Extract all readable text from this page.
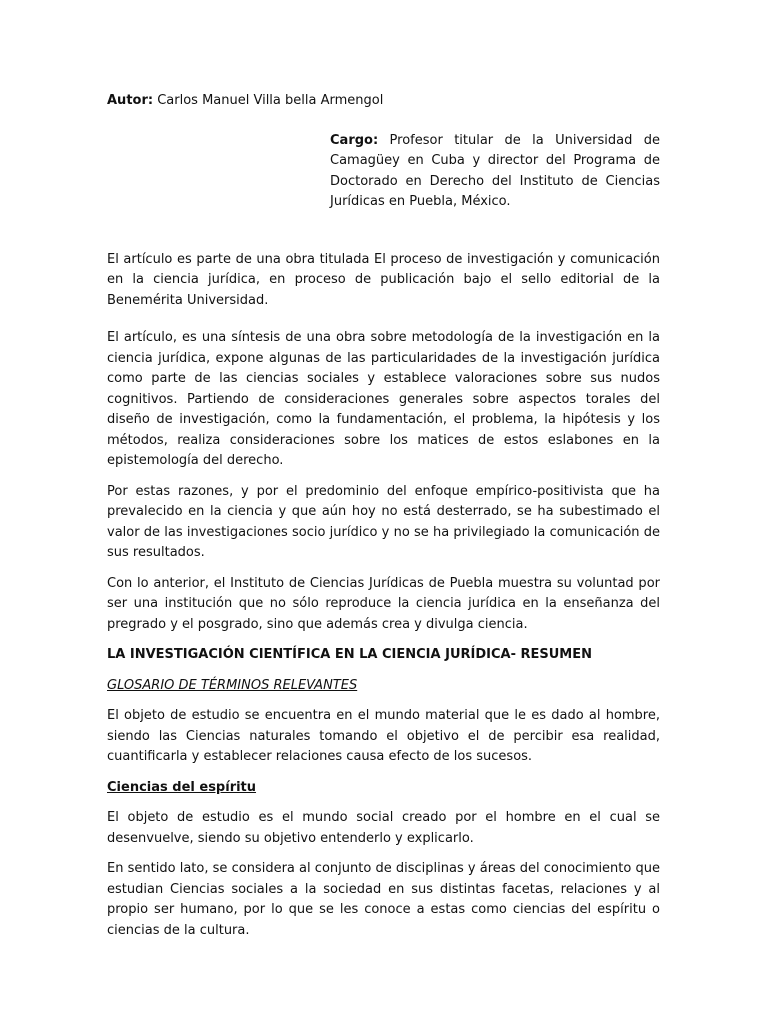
Autor: Carlos Manuel Villa bella Armengol

Cargo: Profesor titular de la Universidad de Camagüey en Cuba y director del Programa de Doctorado en Derecho del Instituto de Ciencias Jurídicas en Puebla, México.

El artículo es parte de una obra titulada El proceso de investigación y comunicación en la ciencia jurídica, en proceso de publicación bajo el sello editorial de la Benemérita Universidad.

El artículo, es una síntesis de una obra sobre metodología de la investigación en la ciencia jurídica, expone algunas de las particularidades de la investigación jurídica como parte de las ciencias sociales y establece valoraciones sobre sus nudos cognitivos. Partiendo de consideraciones generales sobre aspectos torales del diseño de investigación, como la fundamentación, el problema, la hipótesis y los métodos, realiza consideraciones sobre los matices de estos eslabones en la epistemología del derecho.

Por estas razones, y por el predominio del enfoque empírico-positivista que ha prevalecido en la ciencia y que aún hoy no está desterrado, se ha subestimado el valor de las investigaciones socio jurídico y no se ha privilegiado la comunicación de sus resultados.

Con lo anterior, el Instituto de Ciencias Jurídicas de Puebla muestra su voluntad por ser una institución que no sólo reproduce la ciencia jurídica en la enseñanza del pregrado y el posgrado, sino que además crea y divulga ciencia.

LA INVESTIGACIÓN CIENTÍFICA EN LA CIENCIA JURÍDICA- RESUMEN

GLOSARIO DE TÉRMINOS RELEVANTES

El objeto de estudio se encuentra en el mundo material que le es dado al hombre, siendo las Ciencias naturales tomando el objetivo el de percibir esa realidad, cuantificarla y establecer relaciones causa efecto de los sucesos.

Ciencias del espíritu

El objeto de estudio es el mundo social creado por el hombre en el cual se desenvuelve, siendo su objetivo entenderlo y explicarlo.

En sentido lato, se considera al conjunto de disciplinas y áreas del conocimiento que estudian Ciencias sociales a la sociedad en sus distintas facetas, relaciones y al propio ser humano, por lo que se les conoce a estas como ciencias del espíritu o ciencias de la cultura.
